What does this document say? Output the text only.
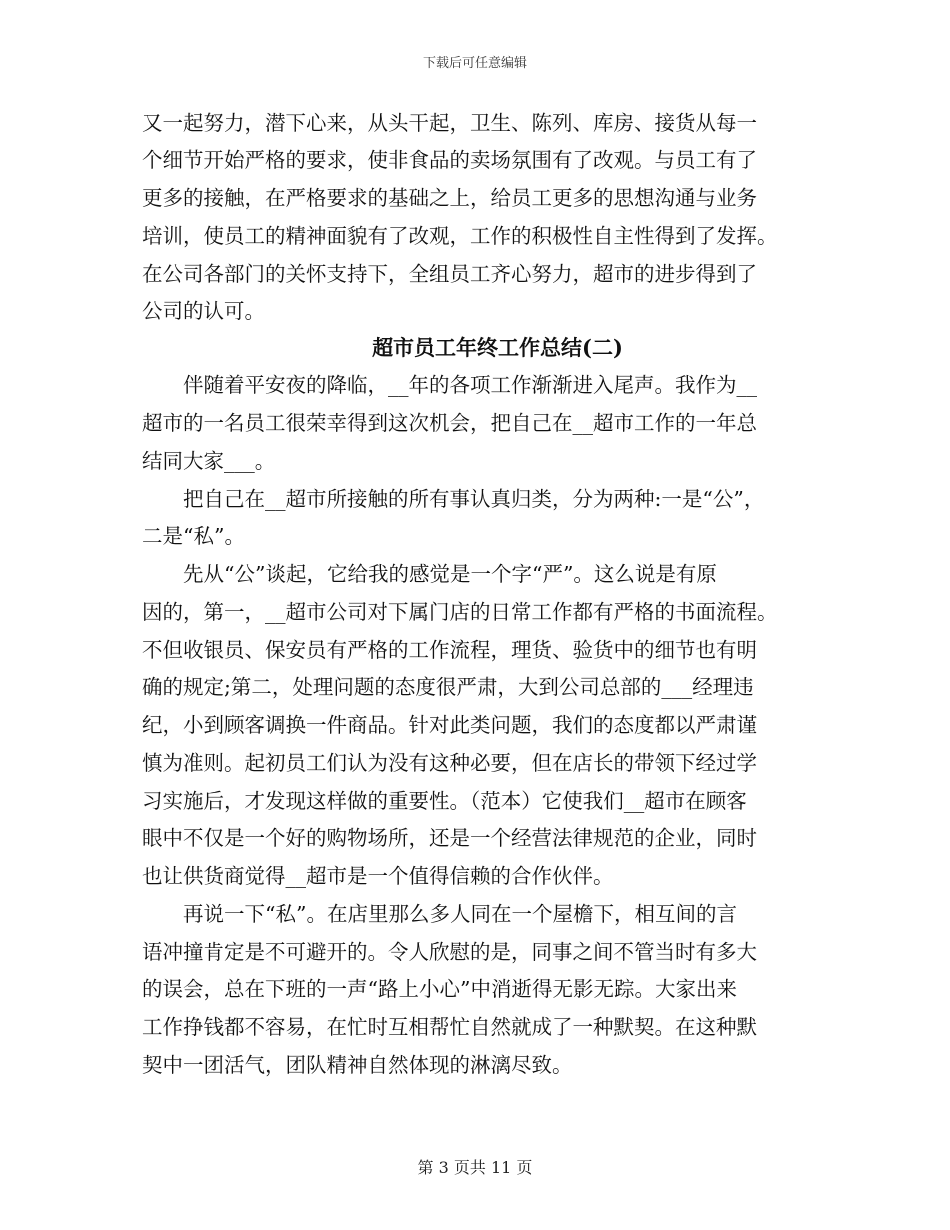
下载后可任意编辑
又一起努力，潜下心来，从头干起，卫生、陈列、库房、接货从每一
个细节开始严格的要求，使非食品的卖场氛围有了改观。与员工有了
更多的接触，在严格要求的基础之上，给员工更多的思想沟通与业务
培训，使员工的精神面貌有了改观，工作的积极性自主性得到了发挥。
在公司各部门的关怀支持下，全组员工齐心努力，超市的进步得到了
公司的认可。
超市员工年终工作总结(二)
　　伴随着平安夜的降临，__年的各项工作渐渐进入尾声。我作为__
超市的一名员工很荣幸得到这次机会，把自己在__超市工作的一年总
结同大家___。
　　把自己在__超市所接触的所有事认真归类，分为两种:一是“公”，
二是“私”。
　　先从“公”谈起，它给我的感觉是一个字“严”。这么说是有原
因的，第一，__超市公司对下属门店的日常工作都有严格的书面流程。
不但收银员、保安员有严格的工作流程，理货、验货中的细节也有明
确的规定;第二，处理问题的态度很严肃，大到公司总部的___经理违
纪，小到顾客调换一件商品。针对此类问题，我们的态度都以严肃谨
慎为准则。起初员工们认为没有这种必要，但在店长的带领下经过学
习实施后，才发现这样做的重要性。（范本）它使我们__超市在顾客
眼中不仅是一个好的购物场所，还是一个经营法律规范的企业，同时
也让供货商觉得__超市是一个值得信赖的合作伙伴。
　　再说一下“私”。在店里那么多人同在一个屋檐下，相互间的言
语冲撞肯定是不可避开的。令人欣慰的是，同事之间不管当时有多大
的误会，总在下班的一声“路上小心”中消逝得无影无踪。大家出来
工作挣钱都不容易，在忙时互相帮忙自然就成了一种默契。在这种默
契中一团活气，团队精神自然体现的淋漓尽致。
第 3 页共 11 页
